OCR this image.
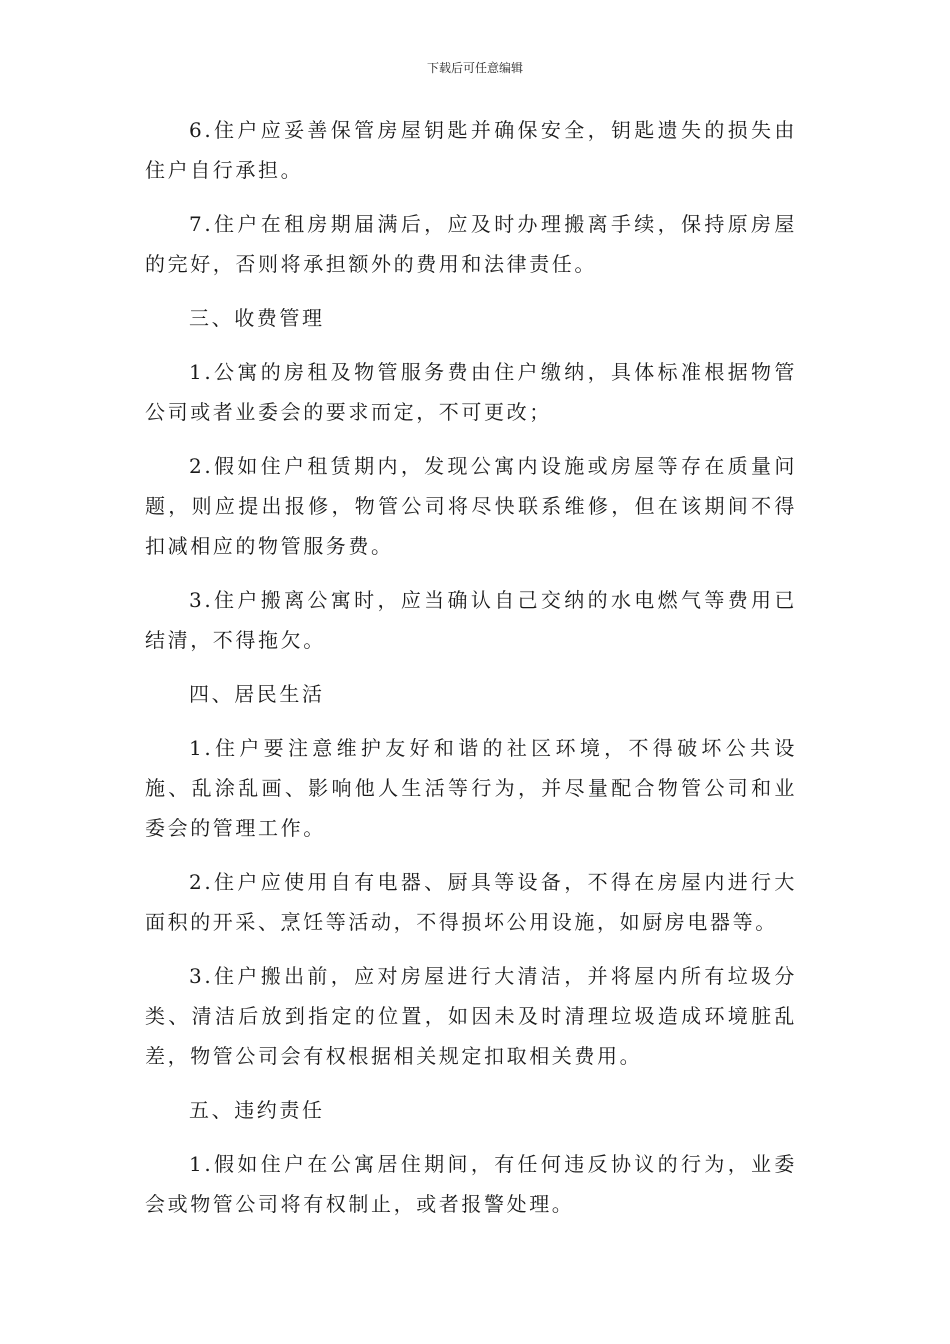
下载后可任意编辑

6.住户应妥善保管房屋钥匙并确保安全，钥匙遗失的损失由住户自行承担。

7.住户在租房期届满后，应及时办理搬离手续，保持原房屋的完好，否则将承担额外的费用和法律责任。

三、收费管理

1.公寓的房租及物管服务费由住户缴纳，具体标准根据物管公司或者业委会的要求而定，不可更改；

2.假如住户租赁期内，发现公寓内设施或房屋等存在质量问题，则应提出报修，物管公司将尽快联系维修，但在该期间不得扣减相应的物管服务费。

3.住户搬离公寓时，应当确认自己交纳的水电燃气等费用已结清，不得拖欠。

四、居民生活

1.住户要注意维护友好和谐的社区环境，不得破坏公共设施、乱涂乱画、影响他人生活等行为，并尽量配合物管公司和业委会的管理工作。

2.住户应使用自有电器、厨具等设备，不得在房屋内进行大面积的开采、烹饪等活动，不得损坏公用设施，如厨房电器等。

3.住户搬出前，应对房屋进行大清洁，并将屋内所有垃圾分类、清洁后放到指定的位置，如因未及时清理垃圾造成环境脏乱差，物管公司会有权根据相关规定扣取相关费用。

五、违约责任

1.假如住户在公寓居住期间，有任何违反协议的行为，业委会或物管公司将有权制止，或者报警处理。
